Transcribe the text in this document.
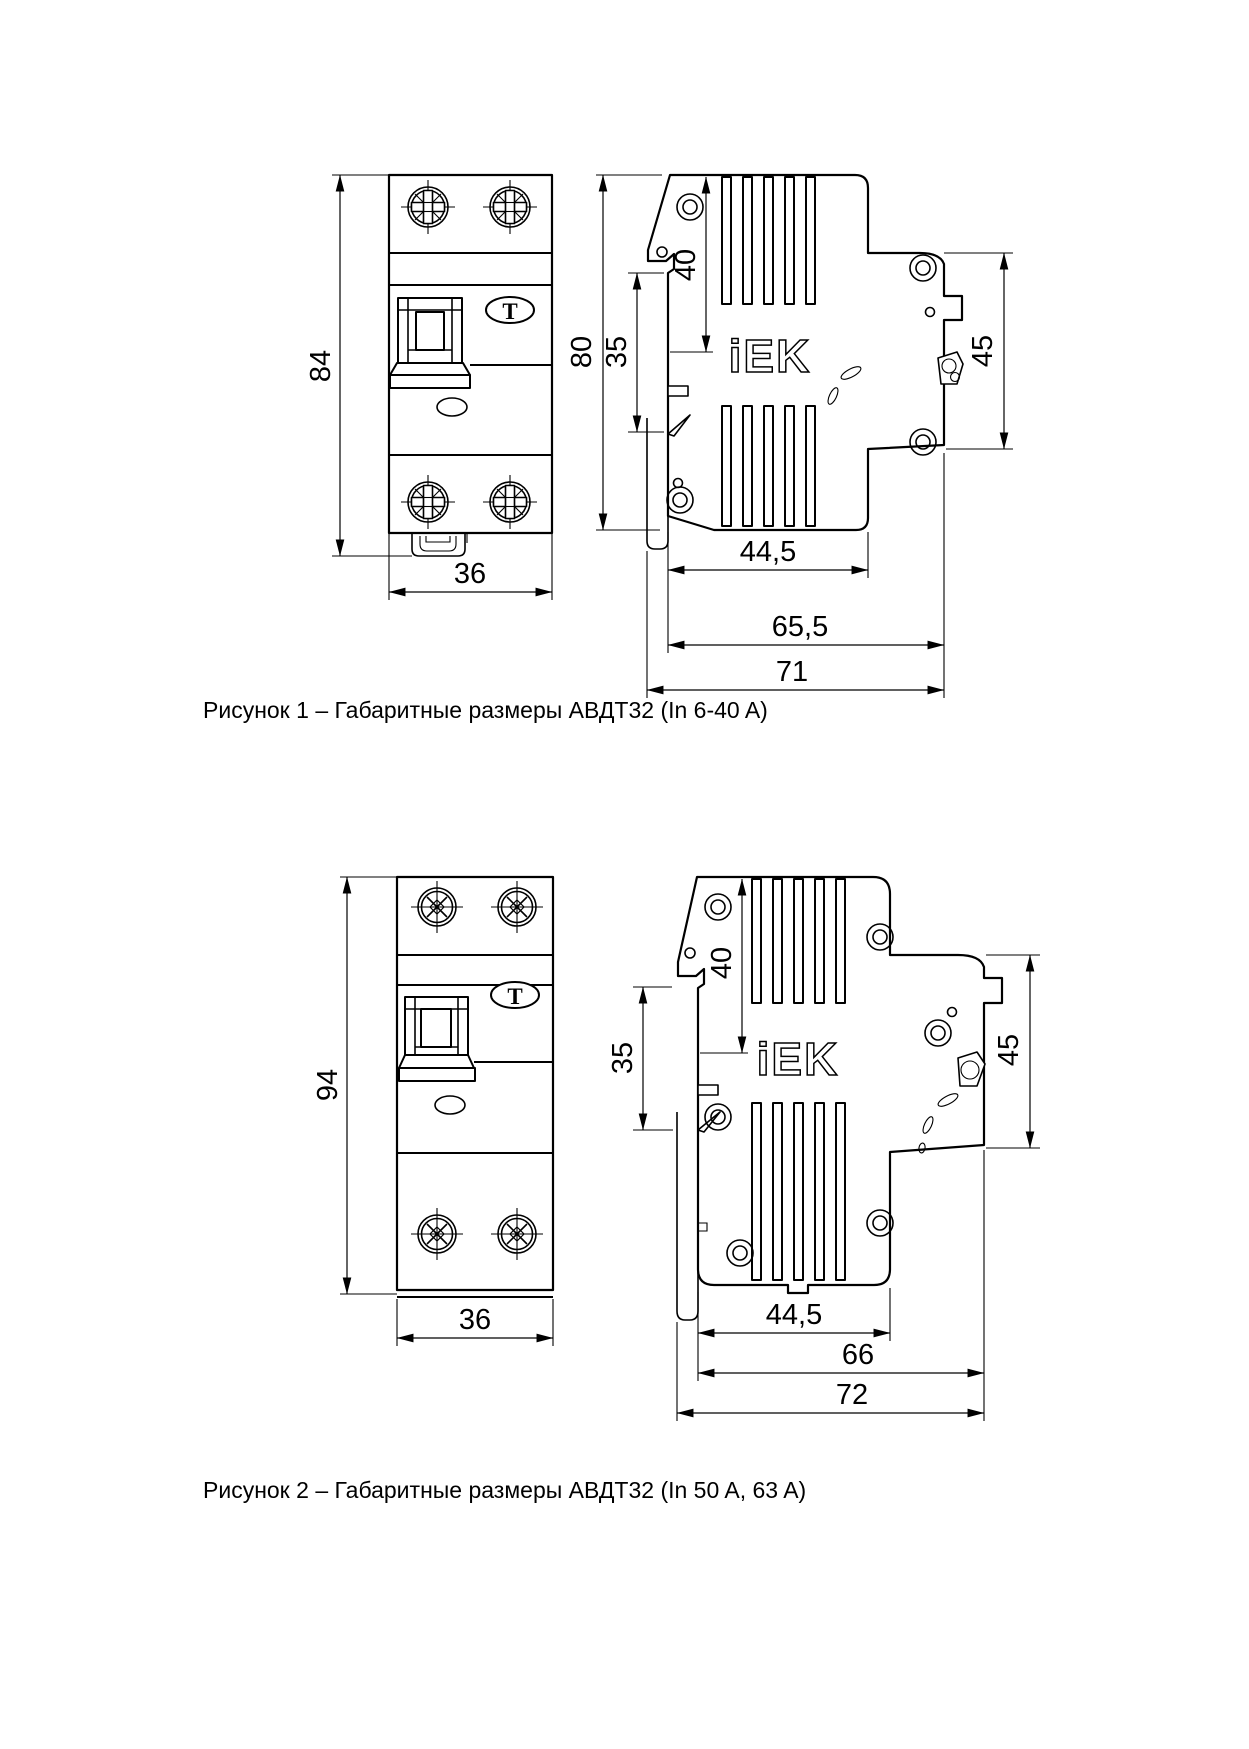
Т
84
36
iEK
80
40
35	45
44,5
65,5
71
Рисунок 1 – Габаритные размеры АВДТ32 (In 6-40 A)
Т
94
36
iEK
40
35	45
44,5
66
72
Рисунок 2 – Габаритные размеры АВДТ32 (In 50 A, 63 A)
